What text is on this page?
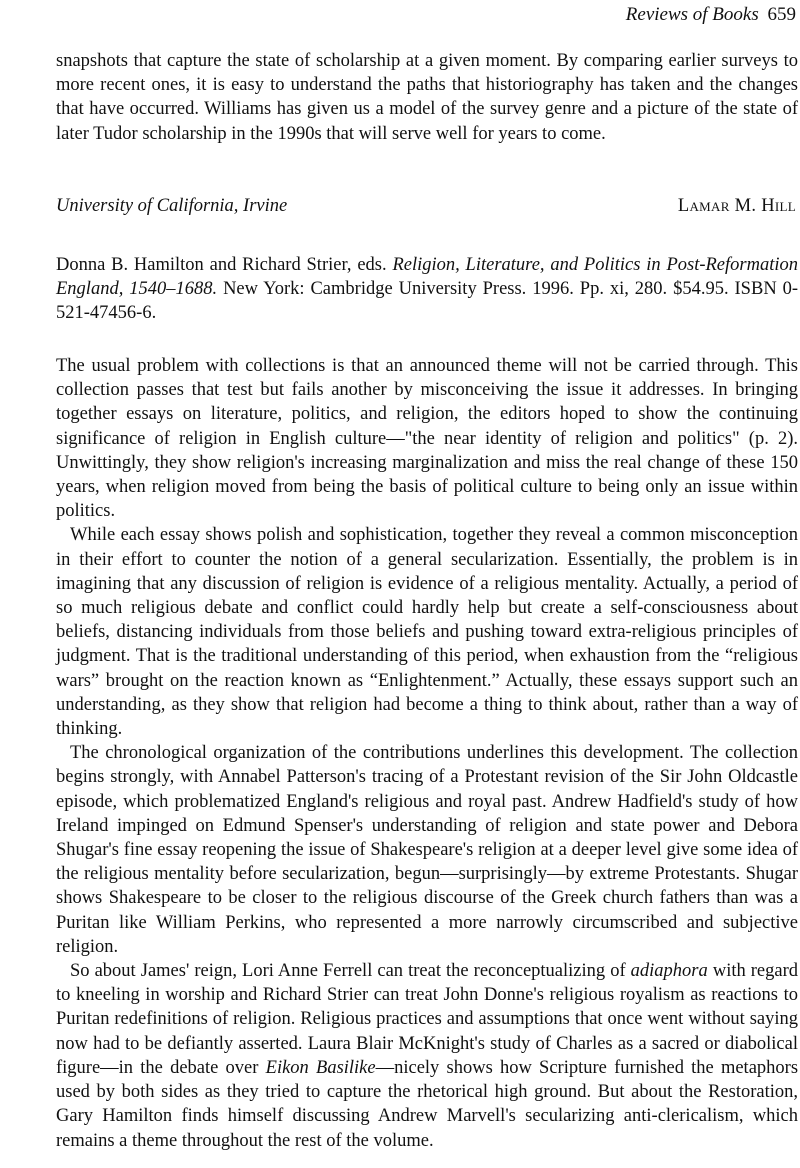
Reviews of Books 659

snapshots that capture the state of scholarship at a given moment. By comparing earlier surveys to more recent ones, it is easy to understand the paths that historiography has taken and the changes that have occurred. Williams has given us a model of the survey genre and a picture of the state of later Tudor scholarship in the 1990s that will serve well for years to come.

University of California, Irvine	Lamar M. Hill

Donna B. Hamilton and Richard Strier, eds. Religion, Literature, and Politics in Post-Reformation England, 1540–1688. New York: Cambridge University Press. 1996. Pp. xi, 280. $54.95. ISBN 0-521-47456-6.

The usual problem with collections is that an announced theme will not be carried through. This collection passes that test but fails another by misconceiving the issue it addresses. In bringing together essays on literature, politics, and religion, the editors hoped to show the continuing significance of religion in English culture—"the near identity of religion and politics" (p. 2). Unwittingly, they show religion's increasing marginalization and miss the real change of these 150 years, when religion moved from being the basis of political culture to being only an issue within politics.

While each essay shows polish and sophistication, together they reveal a common misconception in their effort to counter the notion of a general secularization. Essentially, the problem is in imagining that any discussion of religion is evidence of a religious mentality. Actually, a period of so much religious debate and conflict could hardly help but create a self-consciousness about beliefs, distancing individuals from those beliefs and pushing toward extra-religious principles of judgment. That is the traditional understanding of this period, when exhaustion from the “religious wars” brought on the reaction known as “Enlightenment.” Actually, these essays support such an understanding, as they show that religion had become a thing to think about, rather than a way of thinking.

The chronological organization of the contributions underlines this development. The collection begins strongly, with Annabel Patterson's tracing of a Protestant revision of the Sir John Oldcastle episode, which problematized England's religious and royal past. Andrew Hadfield's study of how Ireland impinged on Edmund Spenser's understanding of religion and state power and Debora Shugar's fine essay reopening the issue of Shakespeare's religion at a deeper level give some idea of the religious mentality before secularization, begun—surprisingly—by extreme Protestants. Shugar shows Shakespeare to be closer to the religious discourse of the Greek church fathers than was a Puritan like William Perkins, who represented a more narrowly circumscribed and subjective religion.

So about James' reign, Lori Anne Ferrell can treat the reconceptualizing of adiaphora with regard to kneeling in worship and Richard Strier can treat John Donne's religious royalism as reactions to Puritan redefinitions of religion. Religious practices and assumptions that once went without saying now had to be defiantly asserted. Laura Blair McKnight's study of Charles as a sacred or diabolical figure—in the debate over Eikon Basilike—nicely shows how Scripture furnished the metaphors used by both sides as they tried to capture the rhetorical high ground. But about the Restoration, Gary Hamilton finds himself discussing Andrew Marvell's secularizing anti-clericalism, which remains a theme throughout the rest of the volume.
